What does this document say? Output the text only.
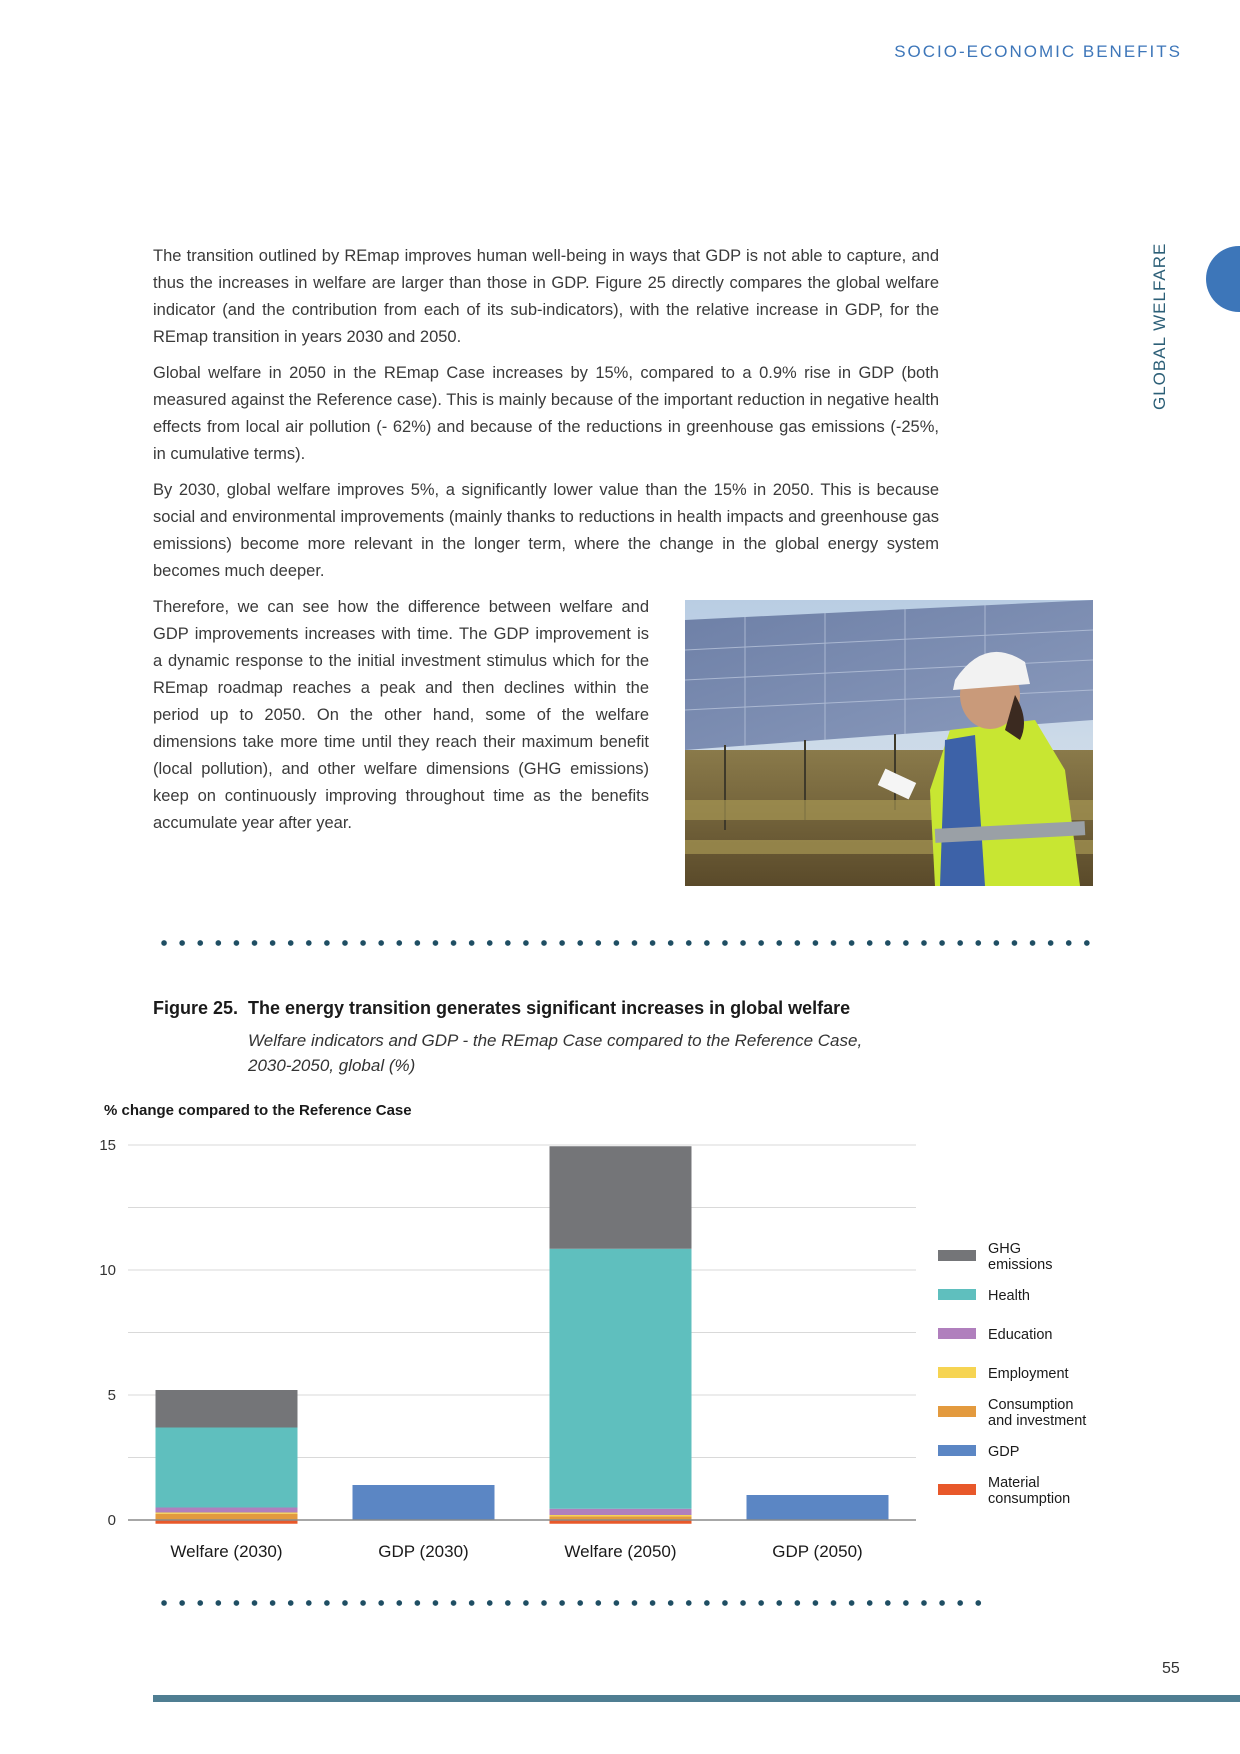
SOCIO-ECONOMIC BENEFITS
GLOBAL WELFARE

The transition outlined by REmap improves human well-being in ways that GDP is not able to capture, and thus the increases in welfare are larger than those in GDP. Figure 25 directly compares the global welfare indicator (and the contribution from each of its sub-indicators), with the relative increase in GDP, for the REmap transition in years 2030 and 2050.

Global welfare in 2050 in the REmap Case increases by 15%, compared to a 0.9% rise in GDP (both measured against the Reference case). This is mainly because of the important reduction in negative health effects from local air pollution (- 62%) and because of the reductions in greenhouse gas emissions (-25%, in cumulative terms).

By 2030, global welfare improves 5%, a significantly lower value than the 15% in 2050. This is because social and environmental improvements (mainly thanks to reductions in health impacts and greenhouse gas emissions) become more relevant in the longer term, where the change in the global energy system becomes much deeper.

Therefore, we can see how the difference between welfare and GDP improvements increases with time. The GDP improvement is a dynamic response to the initial investment stimulus which for the REmap roadmap reaches a peak and then declines within the period up to 2050. On the other hand, some of the welfare dimensions take more time until they reach their maximum benefit (local pollution), and other welfare dimensions (GHG emissions) keep on continuously improving throughout time as the benefits accumulate year after year.

Figure 25. The energy transition generates significant increases in global welfare
Welfare indicators and GDP - the REmap Case compared to the Reference Case, 2030-2050, global (%)
% change compared to the Reference Case
0
5
10
15
Welfare (2030)	GDP (2030)	Welfare (2050)	GDP (2050)
GHG emissions
Health
Education
Employment
Consumption and investment
GDP
Material consumption
55
